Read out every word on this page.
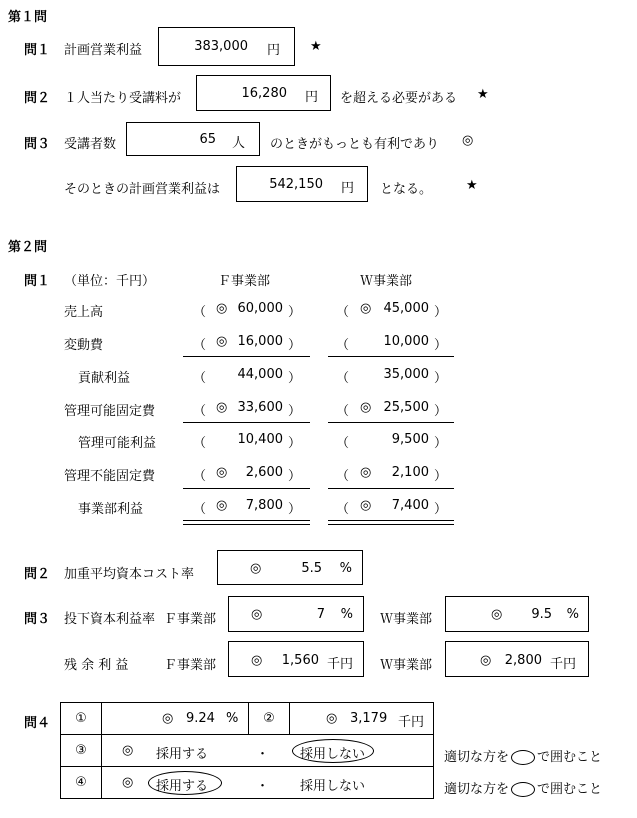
第１問
問１ 計画営業利益	383,000 円 ★
問２ １人当たり受講料が	16,280 円 を超える必要がある ★
問３ 受講者数	65 人 のときがもっとも有利であり ◎
そのときの計画営業利益は	542,150 円 となる。	★
第２問
問１ （単位：千円）	Ｆ事業部	Ｗ事業部
売上高	（ ◎ 60,000 ）	（ ◎ 45,000 ）
変動費	（ ◎ 16,000 ）	（	10,000 ）
貢献利益	（ 44,000 ）	（	35,000 ）
管理可能固定費	（ ◎ 33,600 ）	（ ◎ 25,500 ）
管理可能利益	（ 10,400 ）	（	9,500 ）
管理不能固定費	（ ◎ 2,600 ）	（ ◎ 2,100 ）
事業部利益	（ ◎ 7,800 ）	（ ◎ 7,400 ）
問２ 加重平均資本コスト率	◎	5.5 %
問３ 投下資本利益率 Ｆ事業部	◎	7 % Ｗ事業部	◎ 9.5 %
残 余 利 益	Ｆ事業部	◎ 1,560 千円 Ｗ事業部	◎ 2,800 千円
問４ ①	◎ 9.24 %	②	◎ 3,179 千円

③	◎ 採用する ・ 採用しない		

④	◎ 採用する ・ 採用しない		
適切な方を で囲むこと
適切な方を で囲むこと
